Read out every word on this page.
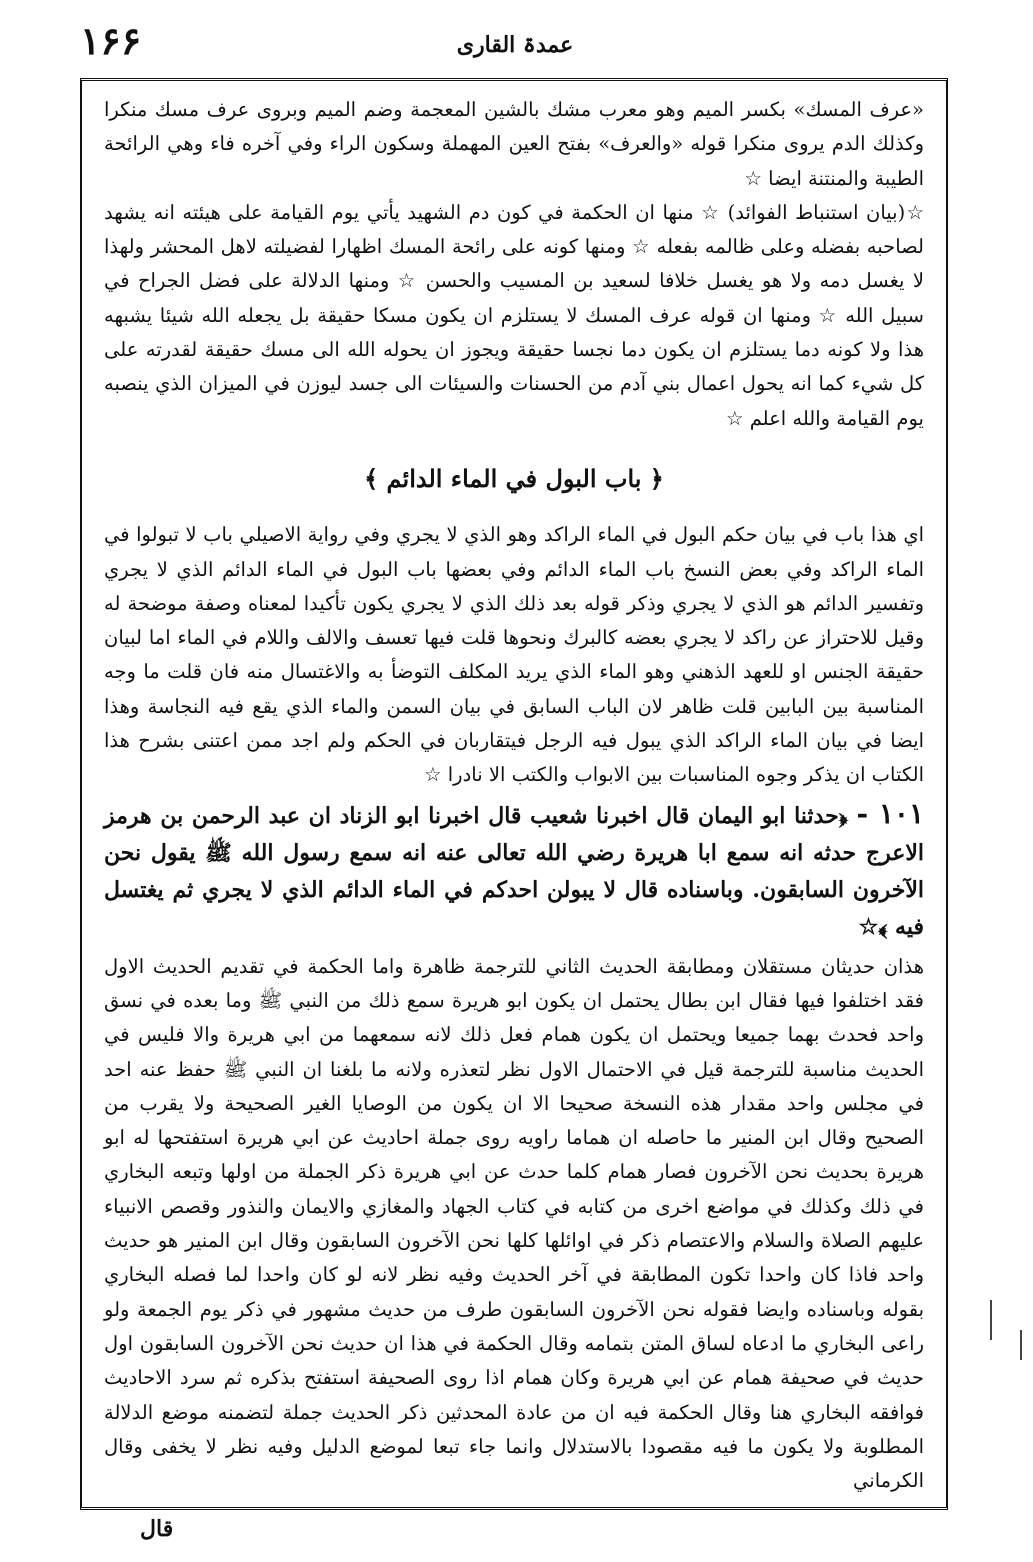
۱۶۶	عمدۃ القاری

«عرف المسك» بكسر الميم وهو معرب مشك بالشين المعجمة وضم الميم وبروى عرف مسك منكرا وكذلك الدم يروى منكرا قوله «والعرف» بفتح العين المهملة وسكون الراء وفي آخره فاء وهي الرائحة الطيبة والمنتنة ايضا ☆

☆(بيان استنباط الفوائد) ☆ منها ان الحكمة في كون دم الشهيد يأتي يوم القيامة على هيئته انه يشهد لصاحبه بفضله وعلى ظالمه بفعله ☆ ومنها كونه على رائحة المسك اظهارا لفضيلته لاهل المحشر ولهذا لا يغسل دمه ولا هو يغسل خلافا لسعيد بن المسيب والحسن ☆ ومنها الدلالة على فضل الجراح في سبيل الله ☆ ومنها ان قوله عرف المسك لا يستلزم ان يكون مسكا حقيقة بل يجعله الله شيئا يشبهه هذا ولا كونه دما يستلزم ان يكون دما نجسا حقيقة ويجوز ان يحوله الله الى مسك حقيقة لقدرته على كل شيء كما انه يحول اعمال بني آدم من الحسنات والسيئات الى جسد ليوزن في الميزان الذي ينصبه يوم القيامة والله اعلم ☆

﴿ باب البول في الماء الدائم ﴾

اي هذا باب في بيان حكم البول في الماء الراكد وهو الذي لا يجري وفي رواية الاصيلي باب لا تبولوا في الماء الراكد وفي بعض النسخ باب الماء الدائم وفي بعضها باب البول في الماء الدائم الذي لا يجري وتفسير الدائم هو الذي لا يجري وذكر قوله بعد ذلك الذي لا يجري يكون تأكيدا لمعناه وصفة موضحة له وقيل للاحتراز عن راكد لا يجري بعضه كالبرك ونحوها قلت فيها تعسف والالف واللام في الماء اما لبيان حقيقة الجنس او للعهد الذهني وهو الماء الذي يريد المكلف التوضأ به والاغتسال منه فان قلت ما وجه المناسبة بين البابين قلت ظاهر لان الباب السابق في بيان السمن والماء الذي يقع فيه النجاسة وهذا ايضا في بيان الماء الراكد الذي يبول فيه الرجل فيتقاربان في الحكم ولم اجد ممن اعتنى بشرح هذا الكتاب ان يذكر وجوه المناسبات بين الابواب والكتب الا نادرا ☆

١٠١ - ﴿حدثنا ابو اليمان قال اخبرنا شعيب قال اخبرنا ابو الزناد ان عبد الرحمن بن هرمز الاعرج حدثه انه سمع ابا هريرة رضي الله تعالى عنه انه سمع رسول الله ﷺ يقول نحن الآخرون السابقون. وباسناده قال لا يبولن احدكم في الماء الدائم الذي لا يجري ثم يغتسل فيه ﴾☆

هذان حديثان مستقلان ومطابقة الحديث الثاني للترجمة ظاهرة واما الحكمة في تقديم الحديث الاول فقد اختلفوا فيها فقال ابن بطال يحتمل ان يكون ابو هريرة سمع ذلك من النبي ﷺ وما بعده في نسق واحد فحدث بهما جميعا ويحتمل ان يكون همام فعل ذلك لانه سمعهما من ابي هريرة والا فليس في الحديث مناسبة للترجمة قيل في الاحتمال الاول نظر لتعذره ولانه ما بلغنا ان النبي ﷺ حفظ عنه احد في مجلس واحد مقدار هذه النسخة صحيحا الا ان يكون من الوصايا الغير الصحيحة ولا يقرب من الصحيح وقال ابن المنير ما حاصله ان هماما راويه روى جملة احاديث عن ابي هريرة استفتحها له ابو هريرة بحديث نحن الآخرون فصار همام كلما حدث عن ابي هريرة ذكر الجملة من اولها وتبعه البخاري في ذلك وكذلك في مواضع اخرى من كتابه في كتاب الجهاد والمغازي والايمان والنذور وقصص الانبياء عليهم الصلاة والسلام والاعتصام ذكر في اوائلها كلها نحن الآخرون السابقون وقال ابن المنير هو حديث واحد فاذا كان واحدا تكون المطابقة في آخر الحديث وفيه نظر لانه لو كان واحدا لما فصله البخاري بقوله وباسناده وايضا فقوله نحن الآخرون السابقون طرف من حديث مشهور في ذكر يوم الجمعة ولو راعى البخاري ما ادعاه لساق المتن بتمامه وقال الحكمة في هذا ان حديث نحن الآخرون السابقون اول حديث في صحيفة همام عن ابي هريرة وكان همام اذا روى الصحيفة استفتح بذكره ثم سرد الاحاديث فوافقه البخاري هنا وقال الحكمة فيه ان من عادة المحدثين ذكر الحديث جملة لتضمنه موضع الدلالة المطلوبة ولا يكون ما فيه مقصودا بالاستدلال وانما جاء تبعا لموضع الدليل وفيه نظر لا يخفى وقال الكرماني

قال
